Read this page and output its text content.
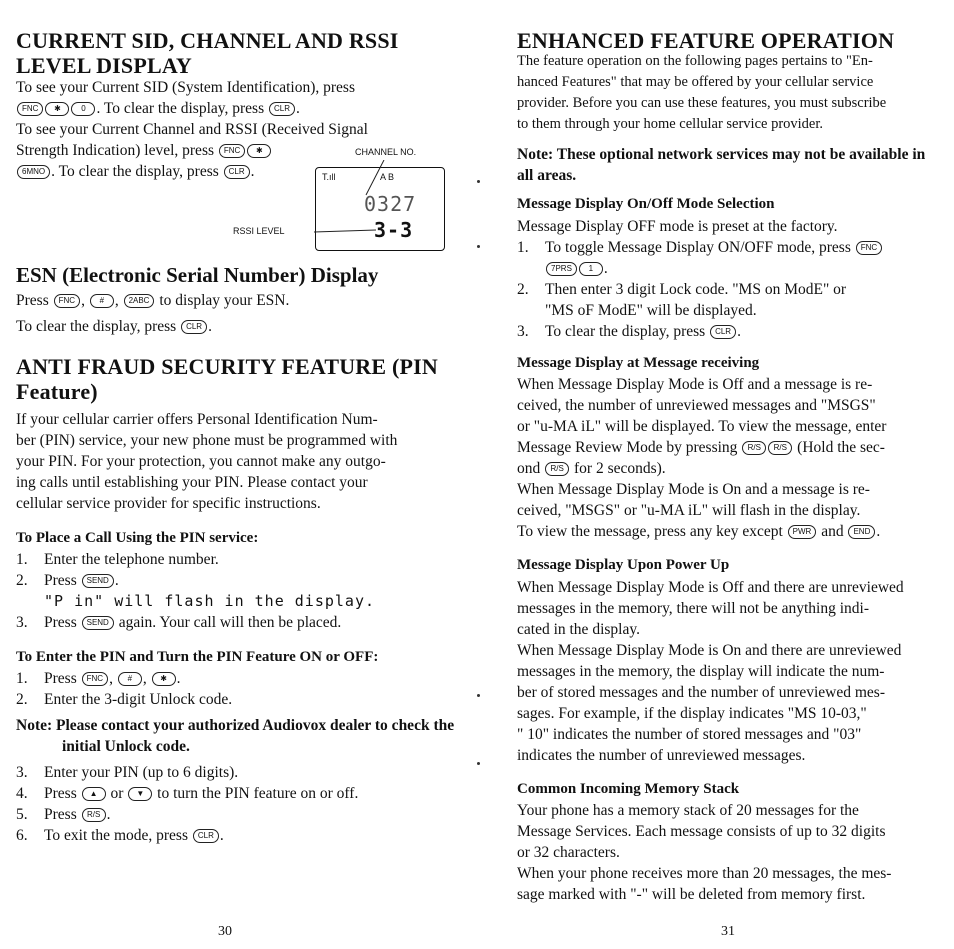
CURRENT SID, CHANNEL AND RSSI LEVEL DISPLAY

To see your Current SID (System Identification), press
FNC ✱	0 . To clear the display, press CLR .

To see your Current Channel and RSSI (Received Signal
Strength Indication) level, press FNC ✱
6MNO . To clear the display, press CLR .

CHANNEL NO.
T.ıll	A B
0327
3-3
RSSI LEVEL
ESN (Electronic Serial Number) Display

Press FNC , # , 2ABC to display your ESN.

To clear the display, press CLR .

ANTI FRAUD SECURITY FEATURE (PIN Feature)

If your cellular carrier offers Personal Identification Num-

ber (PIN) service, your new phone must be programmed with

your PIN. For your protection, you cannot make any outgo-

ing calls until establishing your PIN. Please contact your

cellular service provider for specific instructions.

To Place a Call Using the PIN service:
1. Enter the telephone number.
2. Press SEND .
"P in" will flash in the display.
3. Press SEND again. Your call will then be placed.
To Enter the PIN and Turn the PIN Feature ON or OFF:
1. Press FNC , # , ✱ .
2. Enter the 3-digit Unlock code.

Note: Please contact your authorized Audiovox dealer to check the initial Unlock code.

3. Enter your PIN (up to 6 digits).
4. Press ▲ or ▼ to turn the PIN feature on or off.
5. Press R/S .
6. To exit the mode, press CLR .
30
ENHANCED FEATURE OPERATION

The feature operation on the following pages pertains to "En-

hanced Features" that may be offered by your cellular service

provider. Before you can use these features, you must subscribe

to them through your home cellular service provider.

Note: These optional network services may not be available in all areas.

Message Display On/Off Mode Selection

Message Display OFF mode is preset at the factory.

1. To toggle Message Display ON/OFF mode, press FNC
7PRS 1 .
2. Then enter 3 digit Lock code. "MS on ModE" or
"MS oF ModE" will be displayed.
3. To clear the display, press CLR .
Message Display at Message receiving

When Message Display Mode is Off and a message is re-

ceived, the number of unreviewed messages and "MSGS"

or "u-MA iL" will be displayed. To view the message, enter

Message Review Mode by pressing R/S R/S (Hold the sec-

ond R/S for 2 seconds).

When Message Display Mode is On and a message is re-

ceived, "MSGS" or "u-MA iL" will flash in the display.

To view the message, press any key except PWR and END .

Message Display Upon Power Up

When Message Display Mode is Off and there are unreviewed

messages in the memory, there will not be anything indi-

cated in the display.

When Message Display Mode is On and there are unreviewed

messages in the memory, the display will indicate the num-

ber of stored messages and the number of unreviewed mes-

sages. For example, if the display indicates "MS 10-03,"

" 10" indicates the number of stored messages and "03"

indicates the number of unreviewed messages.

Common Incoming Memory Stack

Your phone has a memory stack of 20 messages for the

Message Services. Each message consists of up to 32 digits

or 32 characters.

When your phone receives more than 20 messages, the mes-

sage marked with "-" will be deleted from memory first.

31
